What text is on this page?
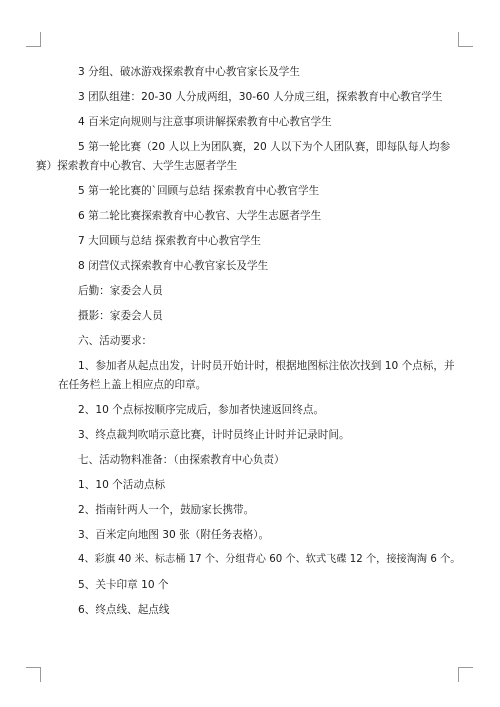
3 分组、破冰游戏探索教育中心教官家长及学生

3 团队组建：20-30 人分成两组，30-60 人分成三组，探索教育中心教官学生

4 百米定向规则与注意事项讲解探索教育中心教官学生

5 第一轮比赛（20 人以上为团队赛，20 人以下为个人团队赛，即每队每人均参

赛）探索教育中心教官、大学生志愿者学生

5 第一轮比赛的`回顾与总结 探索教育中心教官学生

6 第二轮比赛探索教育中心教官、大学生志愿者学生

7 大回顾与总结 探索教育中心教官学生

8 闭营仪式探索教育中心教官家长及学生

后勤：家委会人员

摄影：家委会人员

六、活动要求：

1、参加者从起点出发，计时员开始计时，根据地图标注依次找到 10 个点标，并

在任务栏上盖上相应点的印章。

2、10 个点标按顺序完成后，参加者快速返回终点。

3、终点裁判吹哨示意比赛，计时员终止计时并记录时间。

七、活动物料准备：（由探索教育中心负责）

1、10 个活动点标

2、指南针两人一个，鼓励家长携带。

3、百米定向地图 30 张（附任务表格）。

4、彩旗 40 米、标志桶 17 个、分组背心 60 个、软式飞碟 12 个，接接淘淘 6 个。

5、关卡印章 10 个

6、终点线、起点线
